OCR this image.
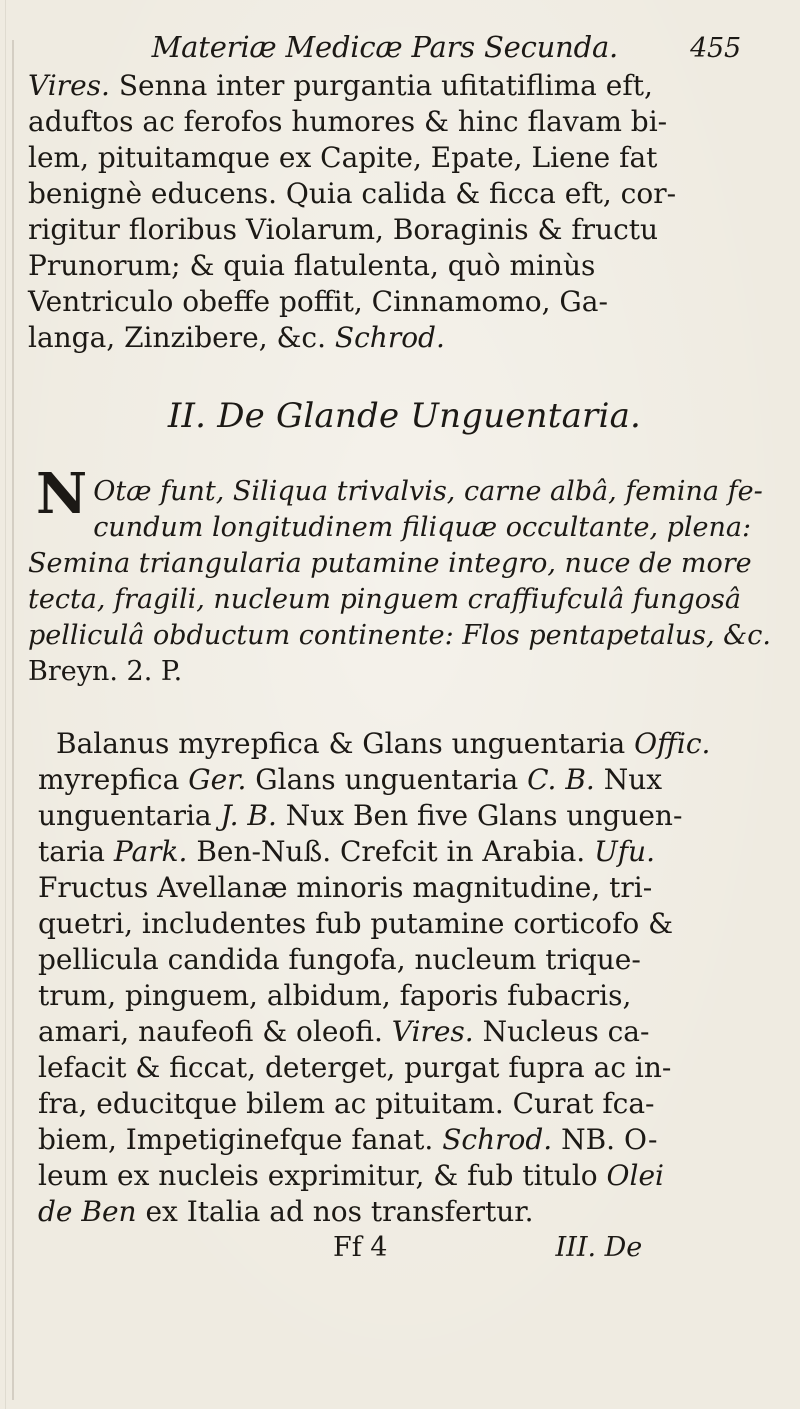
Materiæ Medicæ Pars Secunda.	455

Vires. Senna inter purgantia ufitatiflima eft,
aduftos ac ferofos humores & hinc flavam bi-
lem, pituitamque ex Capite, Epate, Liene fat
benignè educens. Quia calida & ficca eft, cor-
rigitur floribus Violarum, Boraginis & fructu
Prunorum; & quia flatulenta, quò minùs
Ventriculo obeffe poffit, Cinnamomo, Ga-
langa, Zinzibere, &c. Schrod.

II. De Glande Unguentaria.
N Otæ funt, Siliqua trivalvis, carne albâ, femina fe-
cundum longitudinem filiquæ occultante, plena:
Semina triangularia putamine integro, nuce de more
tecta, fragili, nucleum pinguem craffiufculâ fungosâ
pelliculâ obductum continente: Flos pentapetalus, &c.
Breyn. 2. P.
Balanus myrepfica & Glans unguentaria Offic.
myrepfica Ger. Glans unguentaria C. B. Nux
unguentaria J. B. Nux Ben five Glans unguen-
taria Park. Ben-Nuß. Crefcit in Arabia. Ufu.
Fructus Avellanæ minoris magnitudine, tri-
quetri, includentes fub putamine corticofo &
pellicula candida fungofa, nucleum trique-
trum, pinguem, albidum, faporis fubacris,
amari, naufeofi & oleofi. Vires. Nucleus ca-
lefacit & ficcat, deterget, purgat fupra ac in-
fra, educitque bilem ac pituitam. Curat fca-
biem, Impetiginefque fanat. Schrod. NB. O-
leum ex nucleis exprimitur, & fub titulo Olei
de Ben ex Italia ad nos transfertur.
Ff 4	III. De
